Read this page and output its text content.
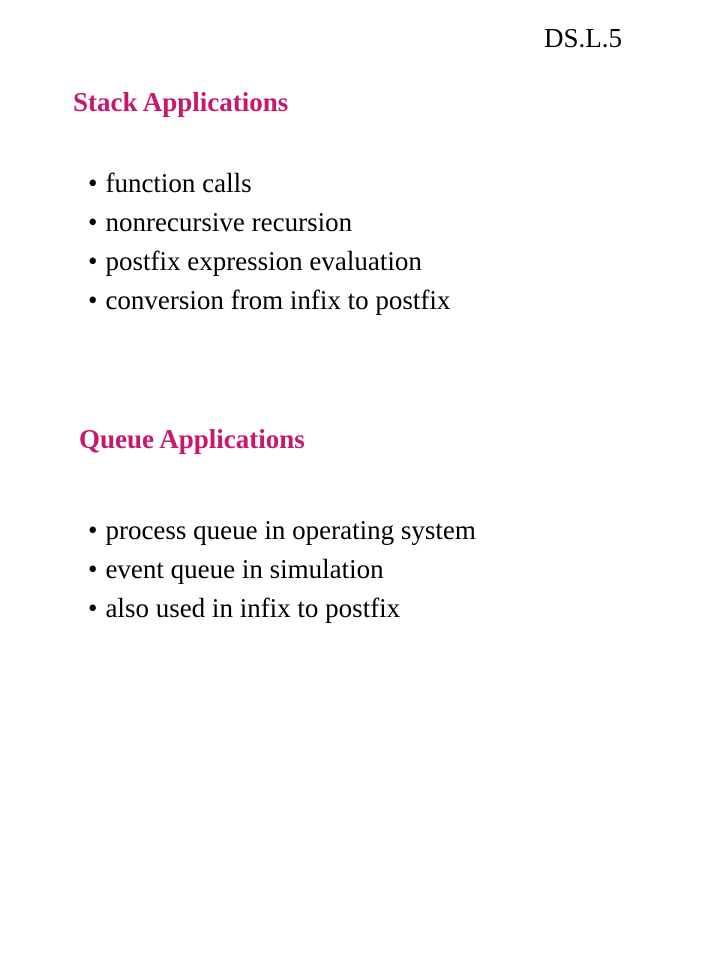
DS.L.5

Stack Applications
• function calls
• nonrecursive recursion
• postfix expression evaluation
• conversion from infix to postfix
Queue Applications
• process queue in operating system
• event queue in simulation
• also used in infix to postfix
